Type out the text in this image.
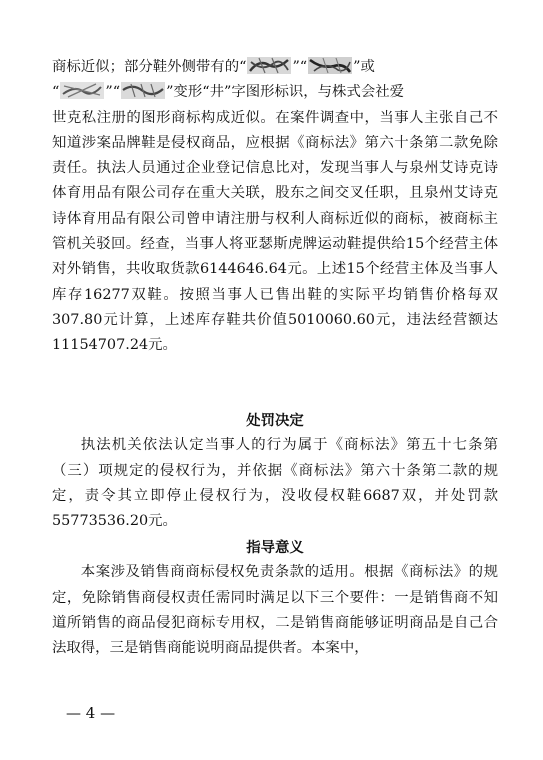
商标近似；部分鞋外侧带有的“	”“	”或
“	”“	”变形“井”字图形标识，与株式会社爱
世克私注册的图形商标构成近似。在案件调查中，当事人主张自己不知道涉案品牌鞋是侵权商品，应根据《商标法》第六十条第二款免除责任。执法人员通过企业登记信息比对，发现当事人与泉州艾诗克诗体育用品有限公司存在重大关联，股东之间交叉任职，且泉州艾诗克诗体育用品有限公司曾申请注册与权利人商标近似的商标，被商标主管机关驳回。经查，当事人将亚瑟斯虎牌运动鞋提供给15个经营主体对外销售，共收取货款6144646.64元。上述15个经营主体及当事人库存16277双鞋。按照当事人已售出鞋的实际平均销售价格每双307.80元计算，上述库存鞋共价值5010060.60元，违法经营额达11154707.24元。

处罚决定

执法机关依法认定当事人的行为属于《商标法》第五十七条第（三）项规定的侵权行为，并依据《商标法》第六十条第二款的规定，责令其立即停止侵权行为，没收侵权鞋6687双，并处罚款55773536.20元。

指导意义

本案涉及销售商商标侵权免责条款的适用。根据《商标法》的规定，免除销售商侵权责任需同时满足以下三个要件：一是销售商不知道所销售的商品侵犯商标专用权，二是销售商能够证明商品是自己合法取得，三是销售商能说明商品提供者。本案中，

— 4 —
